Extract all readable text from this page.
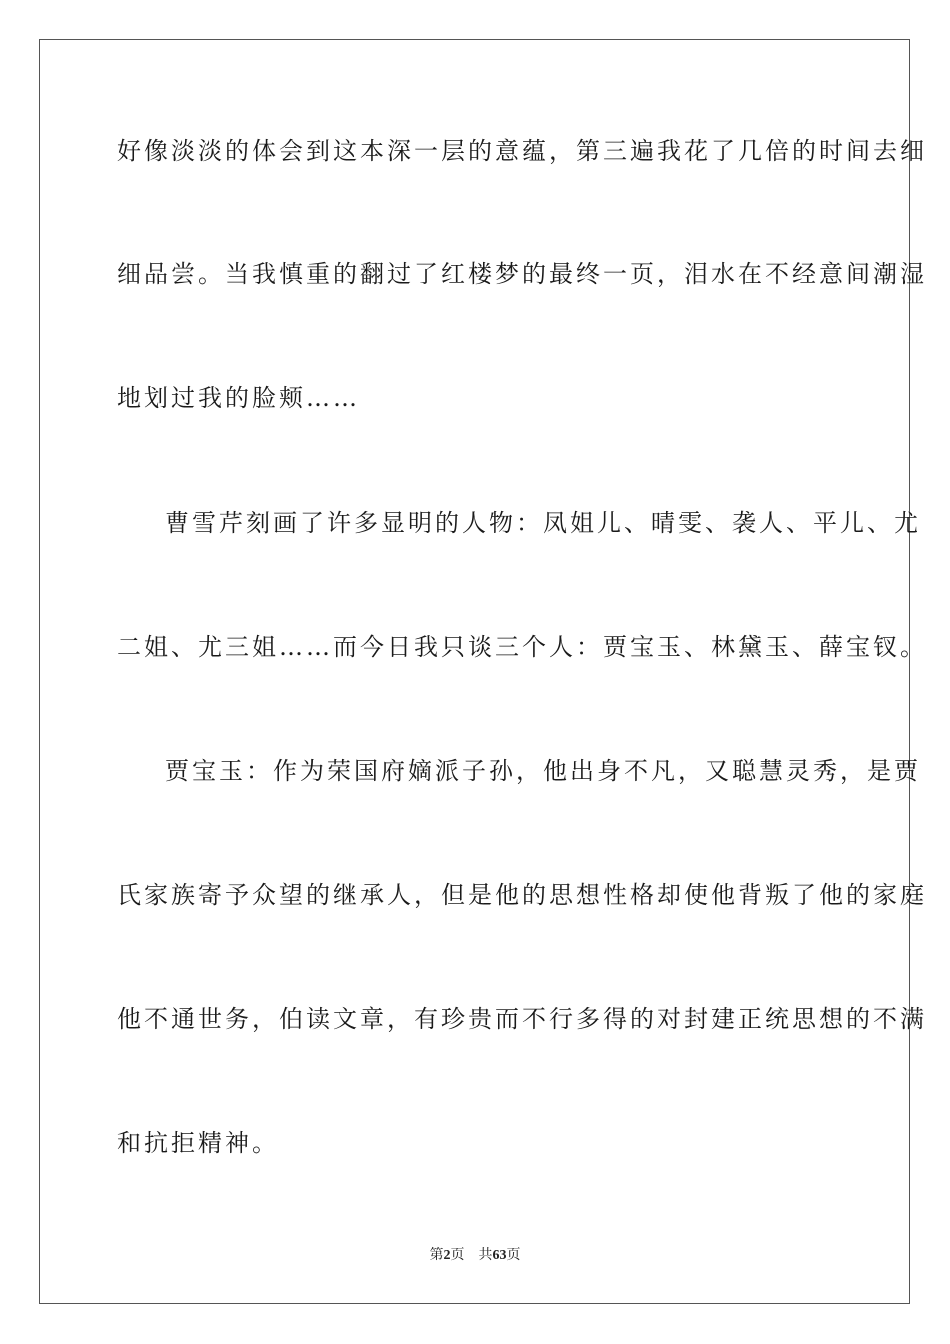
好像淡淡的体会到这本深一层的意蕴，第三遍我花了几倍的时间去细
细品尝。当我慎重的翻过了红楼梦的最终一页，泪水在不经意间潮湿
地划过我的脸颊……
曹雪芹刻画了许多显明的人物：凤姐儿、晴雯、袭人、平儿、尤
二姐、尤三姐……而今日我只谈三个人：贾宝玉、林黛玉、薛宝钗。
贾宝玉：作为荣国府嫡派子孙，他出身不凡，又聪慧灵秀，是贾
氏家族寄予众望的继承人，但是他的思想性格却使他背叛了他的家庭
他不通世务，伯读文章，有珍贵而不行多得的对封建正统思想的不满
和抗拒精神。
第2页 共63页
